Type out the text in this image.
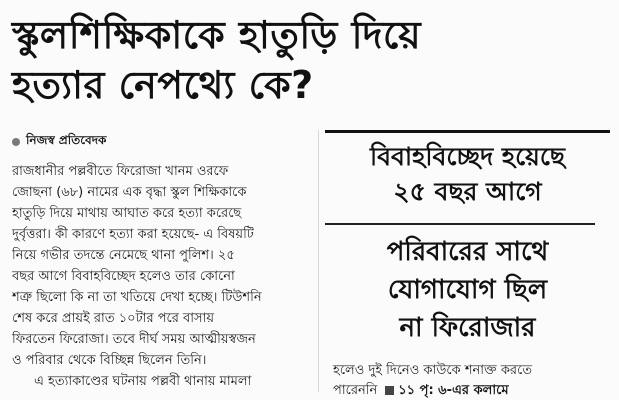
স্কুলশিক্ষিকাকে হাতুড়ি দিয়ে
হত্যার নেপথ্যে কে?
নিজস্ব প্রতিবেদক
রাজধানীর পল্লবীতে ফিরোজা খানম ওরফে
জোছনা (৬৮) নামের এক বৃদ্ধা স্কুল শিক্ষিকাকে
হাতুড়ি দিয়ে মাথায় আঘাত করে হত্যা করেছে
দুর্বৃত্তরা। কী কারণে হত্যা করা হয়েছে- এ বিষয়টি
নিয়ে গভীর তদন্তে নেমেছে থানা পুলিশ। ২৫
বছর আগে বিবাহবিচ্ছেদ হলেও তার কোনো
শত্রু ছিলো কি না তা খতিয়ে দেখা হচ্ছে। টিউশনি
শেষ করে প্রায়ই রাত ১০টার পরে বাসায়
ফিরতেন ফিরোজা। তবে দীর্ঘ সময় আত্মীয়স্বজন
ও পরিবার থেকে বিচ্ছিন্ন ছিলেন তিনি।
এ হত্যাকাণ্ডের ঘটনায় পল্লবী থানায় মামলা
বিবাহবিচ্ছেদ হয়েছে
২৫ বছর আগে
পরিবারের সাথে
যোগাযোগ ছিল
না ফিরোজার
হলেও দুই দিনেও কাউকে শনাক্ত করতে
পারেননি ১১ পৃ: ৬-এর কলামে
